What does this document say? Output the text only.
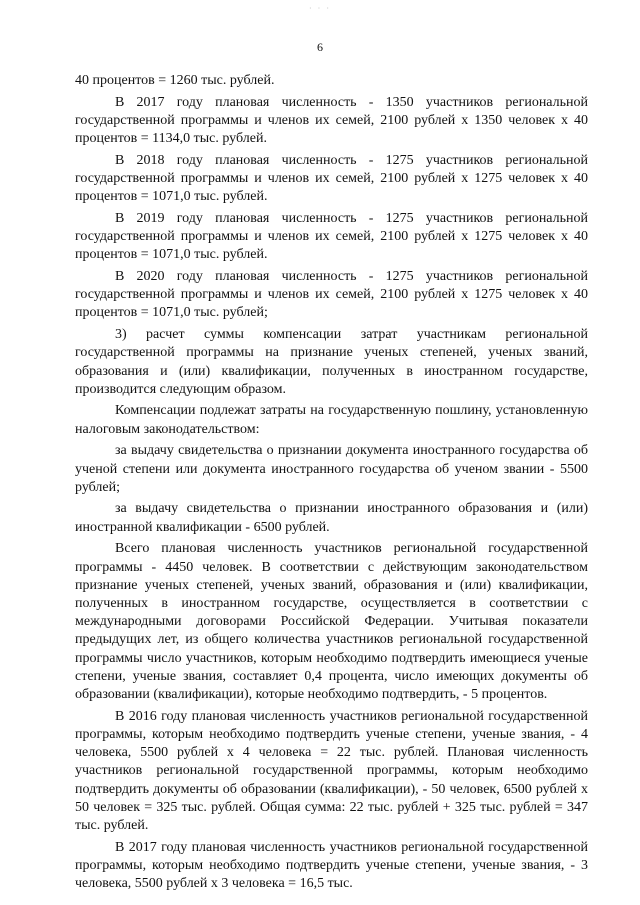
· · ·
6

40 процентов = 1260 тыс. рублей.

В 2017 году плановая численность - 1350 участников региональной государственной программы и членов их семей, 2100 рублей х 1350 человек х 40 процентов = 1134,0 тыс. рублей.

В 2018 году плановая численность - 1275 участников региональной государственной программы и членов их семей, 2100 рублей х 1275 человек х 40 процентов = 1071,0 тыс. рублей.

В 2019 году плановая численность - 1275 участников региональной государственной программы и членов их семей, 2100 рублей х 1275 человек х 40 процентов = 1071,0 тыс. рублей.

В 2020 году плановая численность - 1275 участников региональной государственной программы и членов их семей, 2100 рублей х 1275 человек х 40 процентов = 1071,0 тыс. рублей;

3) расчет суммы компенсации затрат участникам региональной государственной программы на признание ученых степеней, ученых званий, образования и (или) квалификации, полученных в иностранном государстве, производится следующим образом.

Компенсации подлежат затраты на государственную пошлину, установленную налоговым законодательством:

за выдачу свидетельства о признании документа иностранного государства об ученой степени или документа иностранного государства об ученом звании - 5500 рублей;

за выдачу свидетельства о признании иностранного образования и (или) иностранной квалификации - 6500 рублей.

Всего плановая численность участников региональной государственной программы - 4450 человек. В соответствии с действующим законодательством признание ученых степеней, ученых званий, образования и (или) квалификации, полученных в иностранном государстве, осуществляется в соответствии с международными договорами Российской Федерации. Учитывая показатели предыдущих лет, из общего количества участников региональной государственной программы число участников, которым необходимо подтвердить имеющиеся ученые степени, ученые звания, составляет 0,4 процента, число имеющих документы об образовании (квалификации), которые необходимо подтвердить, - 5 процентов.

В 2016 году плановая численность участников региональной государственной программы, которым необходимо подтвердить ученые степени, ученые звания, - 4 человека, 5500 рублей х 4 человека = 22 тыс. рублей. Плановая численность участников региональной государственной программы, которым необходимо подтвердить документы об образовании (квалификации), - 50 человек, 6500 рублей х 50 человек = 325 тыс. рублей. Общая сумма: 22 тыс. рублей + 325 тыс. рублей = 347 тыс. рублей.

В 2017 году плановая численность участников региональной государственной программы, которым необходимо подтвердить ученые степени, ученые звания, - 3 человека, 5500 рублей х 3 человека = 16,5 тыс.
